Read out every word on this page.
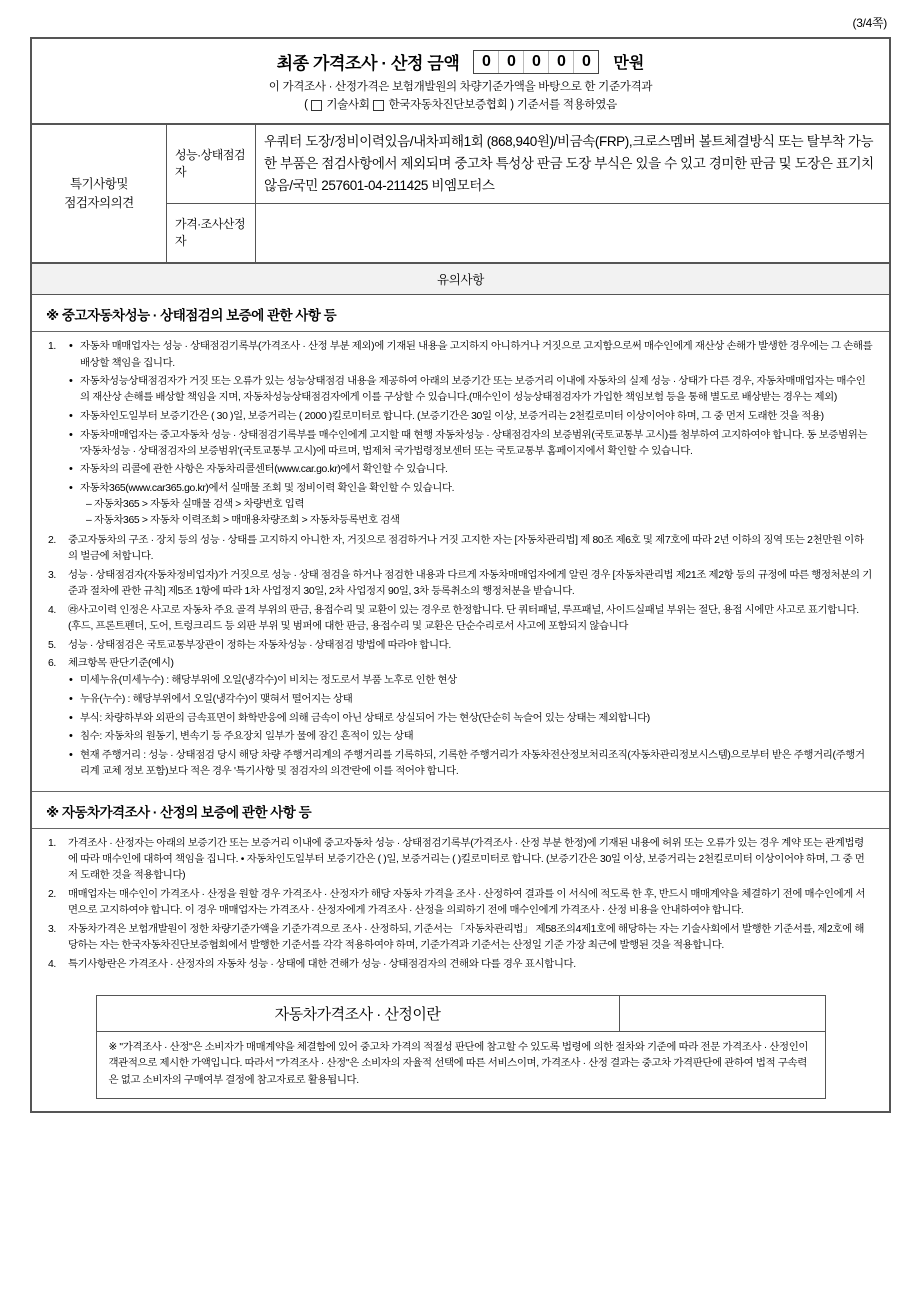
(3/4쪽)
최종 가격조사 · 산정 금액	0	0	0	0	0	만원
이 가격조사 · 산정가격은 보험개발원의 차량기준가액을 바탕으로 한 기준가격과
( 기술사회 한국자동차진단보증협회 ) 기준서를 적용하였음
특기사항및
점검자의의견	성능·상태점검자	우쿼터 도장/정비이력있음/내차피해1회 (868,940원)/비금속(FRP),크로스멤버 볼트체결방식 또는 탈부착 가능한 부품은 점검사항에서 제외되며 중고차 특성상 판금 도장 부식은 있을 수 있고 경미한 판금 및 도장은 표기치 않음/국민 257601-04-211425 비엠모터스
	가격·조사산정자	
유의사항
※ 중고자동차성능 · 상태점검의 보증에 관한 사항 등
1.	• 자동차 매매업자는 성능 · 상태점검기록부(가격조사 · 산정 부분 제외)에 기재된 내용을 고지하지 아니하거나 거짓으로 고지함으로써 매수인에게 재산상 손해가 발생한 경우에는 그 손해를 배상할 책임을 집니다.
• 자동차성능상태점검자가 거짓 또는 오류가 있는 성능상태점검 내용을 제공하여 아래의 보증기간 또는 보증거리 이내에 자동차의 실제 성능 · 상태가 다른 경우, 자동차매매업자는 매수인의 재산상 손해를 배상할 책임을 지며, 자동차성능상태점검자에게 이를 구상할 수 있습니다.(매수인이 성능상태점검자가 가입한 책임보험 등을 통해 별도로 배상받는 경우는 제외)
• 자동차인도일부터 보증기간은 ( 30 )일, 보증거리는 ( 2000 )킬로미터로 합니다. (보증기간은 30일 이상, 보증거리는 2천킬로미터 이상이어야 하며, 그 중 먼저 도래한 것을 적용)
• 자동차매매업자는 중고자동차 성능 · 상태점검기록부를 매수인에게 고지할 때 현행 자동차성능 · 상태점검자의 보증범위(국토교통부 고시)를 첨부하여 고지하여야 합니다. 동 보증범위는 '자동차성능 · 상태점검자의 보증범위'(국토교통부 고시)에 따르며, 법제처 국가법령정보센터 또는 국토교통부 홈페이지에서 확인할 수 있습니다.
• 자동차의 리콜에 관한 사항은 자동차리콜센터(www.car.go.kr)에서 확인할 수 있습니다.
• 자동차365(www.car365.go.kr)에서 실매물 조회 및 정비이력 확인을 확인할 수 있습니다.
– 자동차365 > 자동차 실매물 검색 > 차량번호 입력
– 자동차365 > 자동차 이력조회 > 매매용차량조회 > 자동차등록번호 검색
2. 중고자동차의 구조 · 장치 등의 성능 · 상태를 고지하지 아니한 자, 거짓으로 점검하거나 거짓 고지한 자는 [자동차관리법] 제 80조 제6호 및 제7호에 따라 2년 이하의 징역 또는 2천만원 이하의 벌금에 처합니다.
3. 성능 · 상태점검자(자동차정비업자)가 거짓으로 성능 · 상태 점검을 하거나 점검한 내용과 다르게 자동차매매업자에게 알린 경우 [자동차관리법 제21조 제2항 등의 규정에 따른 행정처분의 기준과 절차에 관한 규칙] 제5조 1항에 따라 1차 사업정지 30일, 2차 사업정지 90일, 3차 등록취소의 행정처분을 받습니다.
4. ㉱사고이력 인정은 사고로 자동차 주요 골격 부위의 판금, 용접수리 및 교환이 있는 경우로 한정합니다. 단 쿼터패널, 루프패널, 사이드실패널 부위는 절단, 용접 시에만 사고로 표기합니다. (후드, 프론트펜더, 도어, 트렁크리드 등 외판 부위 및 범퍼에 대한 판금, 용접수리 및 교환은 단순수리로서 사고에 포함되지 않습니다
5. 성능 · 상태점검은 국토교통부장관이 정하는 자동차성능 · 상태점검 방법에 따라야 합니다.
6. 체크항목 판단기준(예시)
• 미세누유(미세누수) : 해당부위에 오일(냉각수)이 비치는 정도로서 부품 노후로 인한 현상
• 누유(누수) : 해당부위에서 오일(냉각수)이 맺혀서 떨어지는 상태
• 부식: 차량하부와 외판의 금속표면이 화학반응에 의해 금속이 아닌 상태로 상실되어 가는 현상(단순히 녹슬어 있는 상태는 제외합니다)
• 침수: 자동차의 원동기, 변속기 등 주요장치 일부가 물에 잠긴 흔적이 있는 상태
• 현재 주행거리 : 성능 · 상태점검 당시 해당 차량 주행거리계의 주행거리를 기록하되, 기록한 주행거리가 자동차전산정보처리조직(자동차관리정보시스템)으로부터 받은 주행거리(주행거리계 교체 정보 포함)보다 적은 경우 '특기사항 및 점검자의 의견'란에 이를 적어야 합니다.
※ 자동차가격조사 · 산정의 보증에 관한 사항 등
1. 가격조사 · 산정자는 아래의 보증기간 또는 보증거리 이내에 중고자동차 성능 · 상태점검기록부(가격조사 · 산정 부분 한정)에 기재된 내용에 허위 또는 오류가 있는 경우 계약 또는 관계법령에 따라 매수인에 대하여 책임을 집니다. • 자동차인도일부터 보증기간은 ( )일, 보증거리는 ( )킬로미터로 합니다. (보증기간은 30일 이상, 보증거리는 2천킬로미터 이상이어야 하며, 그 중 먼저 도래한 것을 적용합니다)
2. 매매업자는 매수인이 가격조사 · 산정을 원할 경우 가격조사 · 산정자가 해당 자동차 가격을 조사 · 산정하여 결과를 이 서식에 적도록 한 후, 반드시 매매계약을 체결하기 전에 매수인에게 서면으로 고지하여야 합니다. 이 경우 매매업자는 가격조사 · 산정자에게 가격조사 · 산정을 의뢰하기 전에 매수인에게 가격조사 · 산정 비용을 안내하여야 합니다.
3. 자동차가격은 보험개발원이 정한 차량기준가액을 기준가격으로 조사 · 산정하되, 기준서는 「자동차관리법」 제58조의4제1호에 해당하는 자는 기술사회에서 발행한 기준서를, 제2호에 해당하는 자는 한국자동차진단보증협회에서 발행한 기준서를 각각 적용하여야 하며, 기준가격과 기준서는 산정일 기준 가장 최근에 발행된 것을 적용합니다.
4. 특기사항란은 가격조사 · 산정자의 자동차 성능 · 상태에 대한 견해가 성능 · 상태점검자의 견해와 다를 경우 표시합니다.
자동차가격조사 · 산정이란
※ "가격조사 · 산정"은 소비자가 매매계약을 체결함에 있어 중고차 가격의 적절성 판단에 참고할 수 있도록 법령에 의한 절차와 기준에 따라 전문 가격조사 · 산정인이 객관적으로 제시한 가액입니다. 따라서 "가격조사 · 산정"은 소비자의 자율적 선택에 따른 서비스이며, 가격조사 · 산정 결과는 중고차 가격판단에 관하여 법적 구속력은 없고 소비자의 구매여부 결정에 참고자료로 활용됩니다.
